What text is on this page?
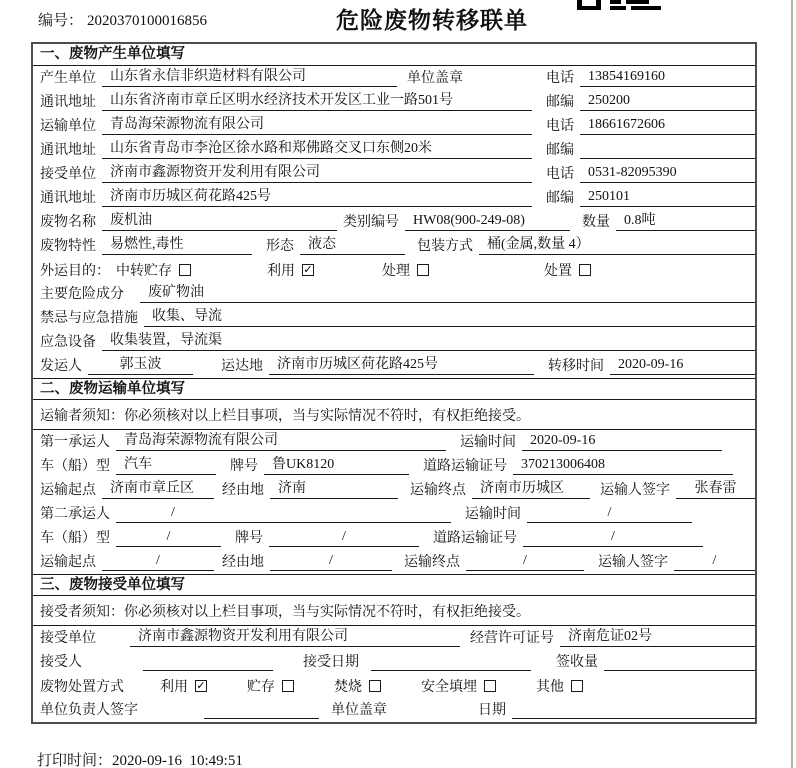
编号： 2020370100016856	危险废物转移联单
一、废物产生单位填写
产生单位	山东省永信非织造材料有限公司	单位盖章	电话	13854169160
通讯地址	山东省济南市章丘区明水经济技术开发区工业一路501号	邮编	250200
运输单位	青岛海荣源物流有限公司	电话	18661672606
通讯地址	山东省青岛市李沧区徐水路和郑佛路交叉口东侧20米	邮编
接受单位	济南市鑫源物资开发利用有限公司	电话	0531-82095390
通讯地址	济南市历城区荷花路425号	邮编	250101
废物名称	废机油	类别编号	HW08(900-249-08)	数量	0.8吨
废物特性	易燃性,毒性	形态	液态	包装方式	桶(金属,数量 4）
外运目的： 中转贮存	利用 ✓	处理	处置
主要危险成分	废矿物油
禁忌与应急措施	收集、导流
应急设备	收集装置，导流渠
发运人	郭玉波	运达地	济南市历城区荷花路425号	转移时间	2020-09-16
二、废物运输单位填写
运输者须知：你必须核对以上栏目事项，当与实际情况不符时，有权拒绝接受。
第一承运人	青岛海荣源物流有限公司	运输时间	2020-09-16
车（船）型	汽车	牌号	鲁UK8120	道路运输证号	370213006408
运输起点	济南市章丘区	经由地	济南	运输终点	济南市历城区	运输人签字	张春雷
第二承运人	/	运输时间	/
车（船）型	/	牌号	/	道路运输证号	/
运输起点	/	经由地	/	运输终点	/	运输人签字	/
三、废物接受单位填写
接受者须知：你必须核对以上栏目事项，当与实际情况不符时，有权拒绝接受。
接受单位	济南市鑫源物资开发利用有限公司	经营许可证号	济南危证02号
接受人	接受日期	签收量
废物处置方式	利用 ✓	贮存	焚烧	安全填埋	其他
单位负责人签字	单位盖章	日期
打印时间：2020-09-16  10:49:51
